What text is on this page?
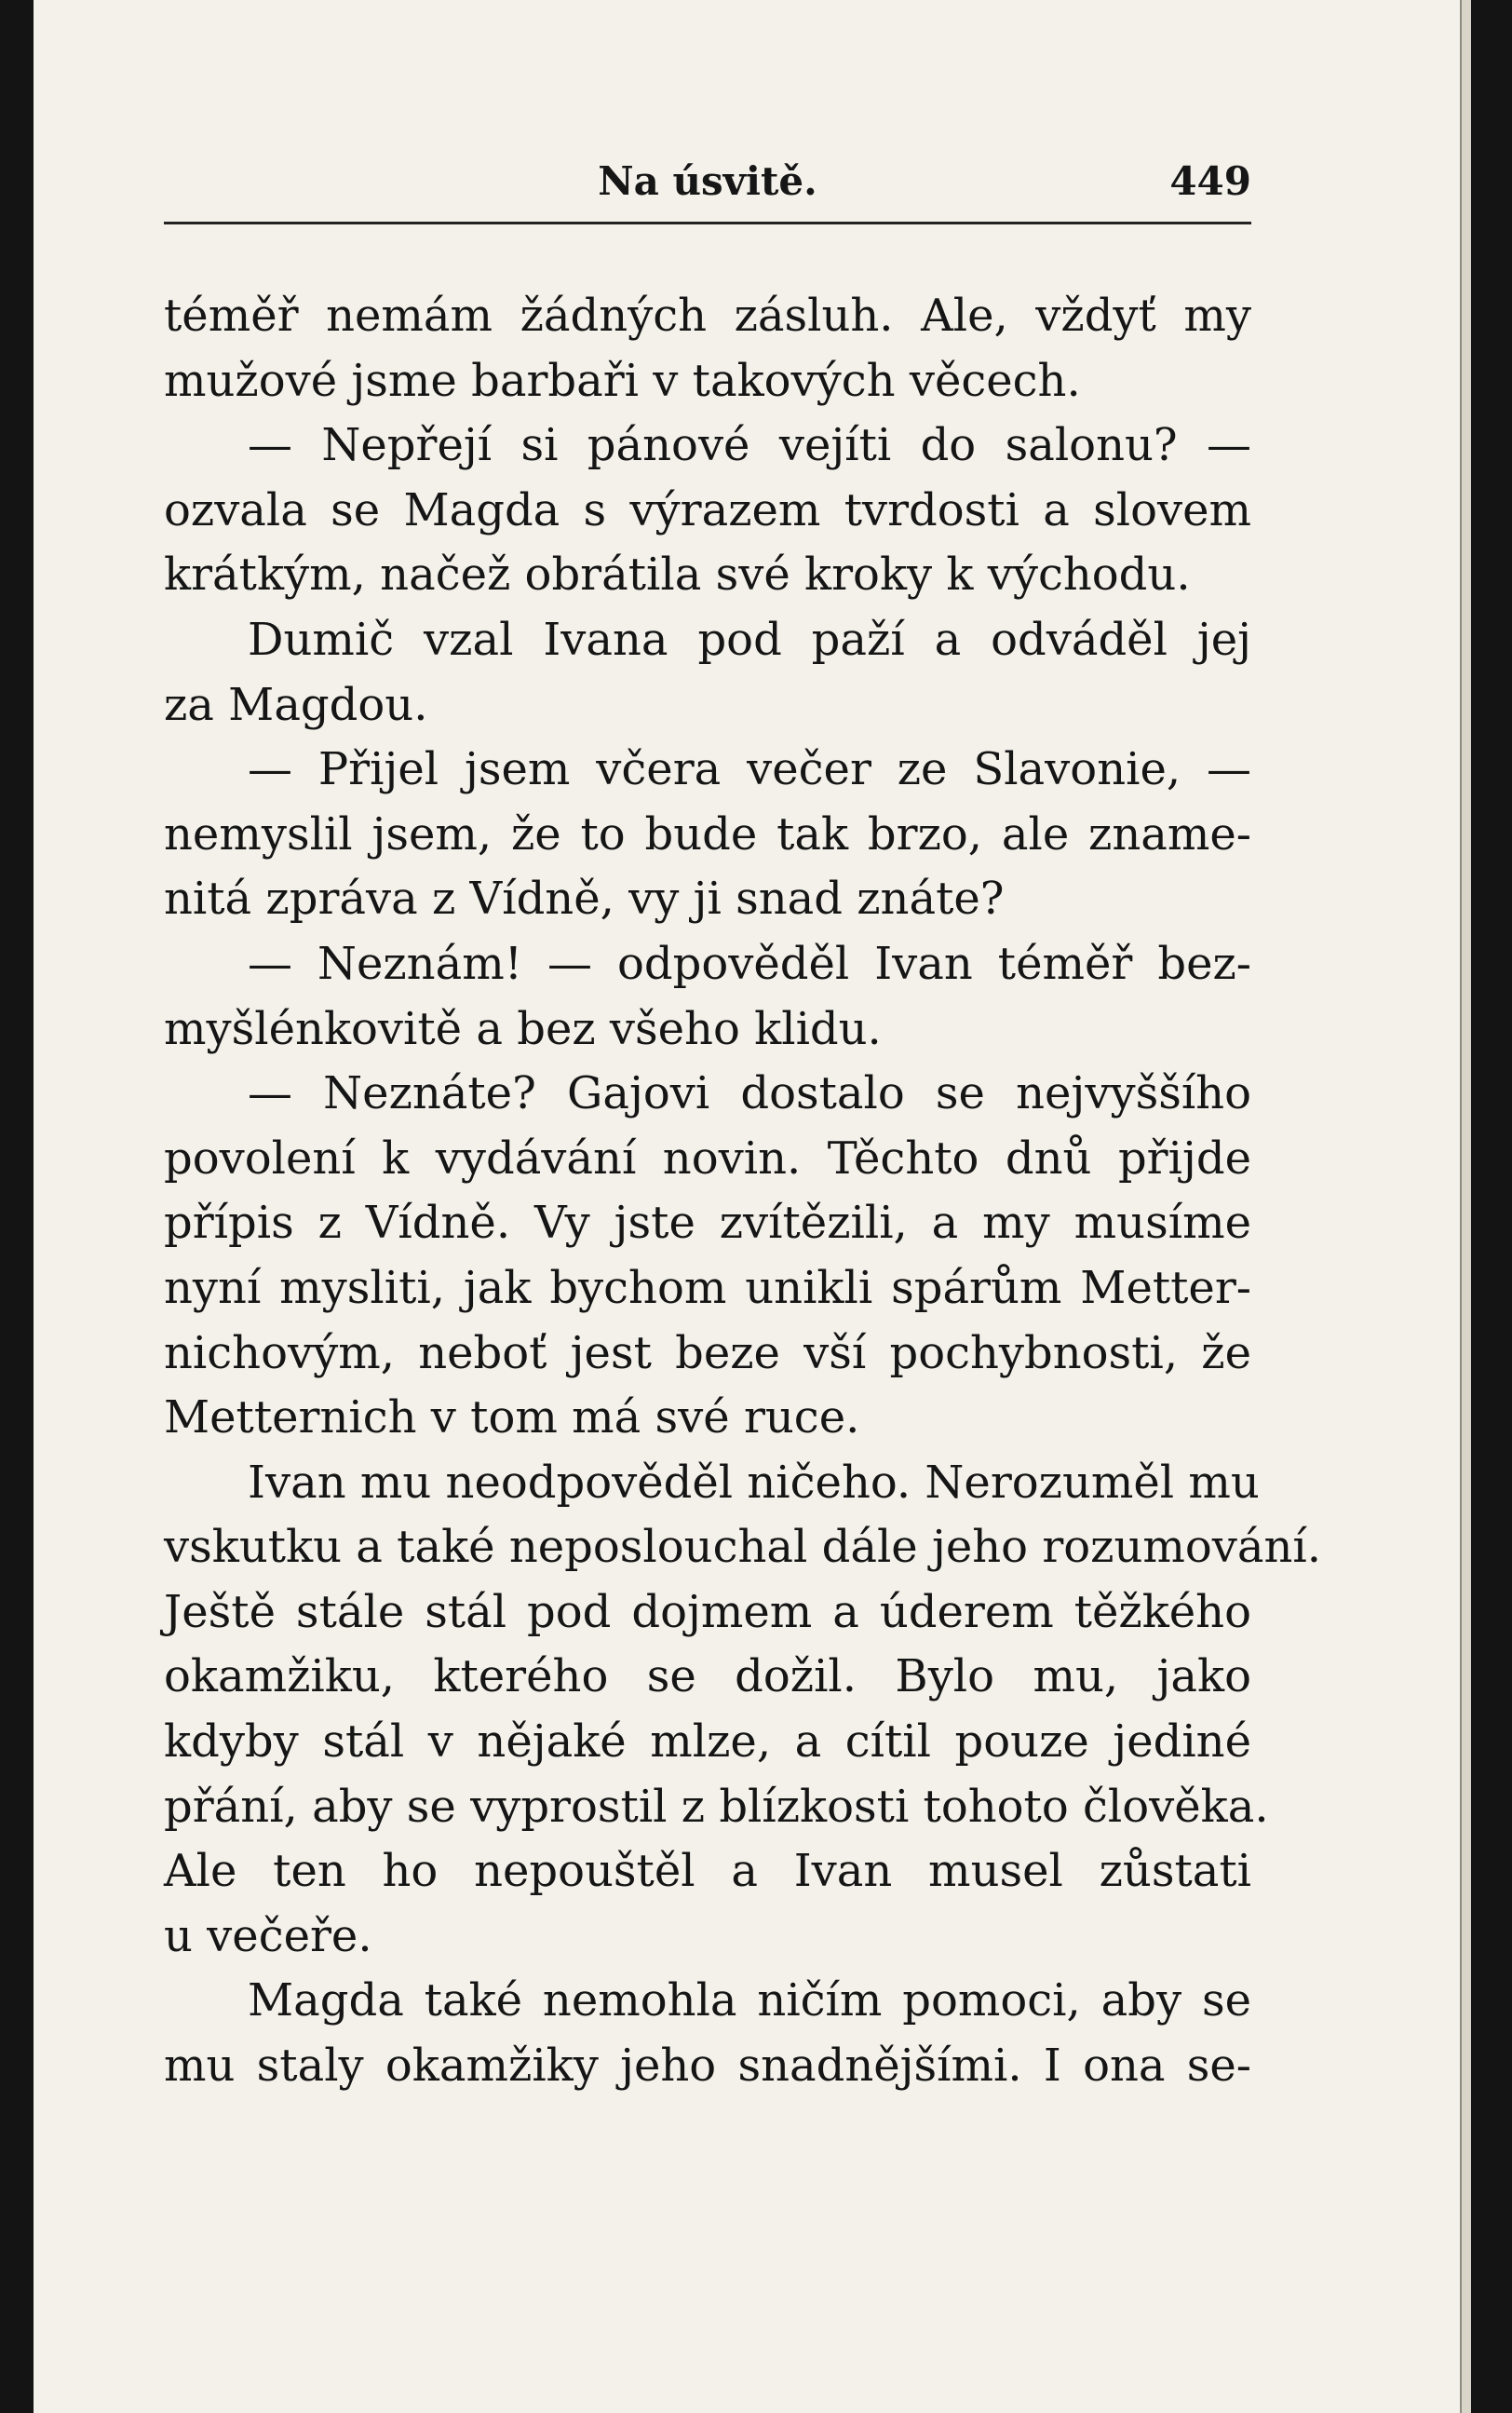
Na úsvitě.	449
téměř nemám žádných zásluh. Ale, vždyť my
mužové jsme barbaři v takových věcech.
— Nepřejí si pánové vejíti do salonu? —
ozvala se Magda s výrazem tvrdosti a slovem
krátkým, načež obrátila své kroky k východu.
Dumič vzal Ivana pod paží a odváděl jej
za Magdou.
— Přijel jsem včera večer ze Slavonie, —
nemyslil jsem, že to bude tak brzo, ale zname-
nitá zpráva z Vídně, vy ji snad znáte?
— Neznám! — odpověděl Ivan téměř bez-
myšlénkovitě a bez všeho klidu.
— Neznáte? Gajovi dostalo se nejvyššího
povolení k vydávání novin. Těchto dnů přijde
přípis z Vídně. Vy jste zvítězili, a my musíme
nyní mysliti, jak bychom unikli spárům Metter-
nichovým, neboť jest beze vší pochybnosti, že
Metternich v tom má své ruce.
Ivan mu neodpověděl ničeho. Nerozuměl mu
vskutku a také neposlouchal dále jeho rozumování.
Ještě stále stál pod dojmem a úderem těžkého
okamžiku, kterého se dožil. Bylo mu, jako
kdyby stál v nějaké mlze, a cítil pouze jediné
přání, aby se vyprostil z blízkosti tohoto člověka.
Ale ten ho nepouštěl a Ivan musel zůstati
u večeře.
Magda také nemohla ničím pomoci, aby se
mu staly okamžiky jeho snadnějšími. I ona se-
